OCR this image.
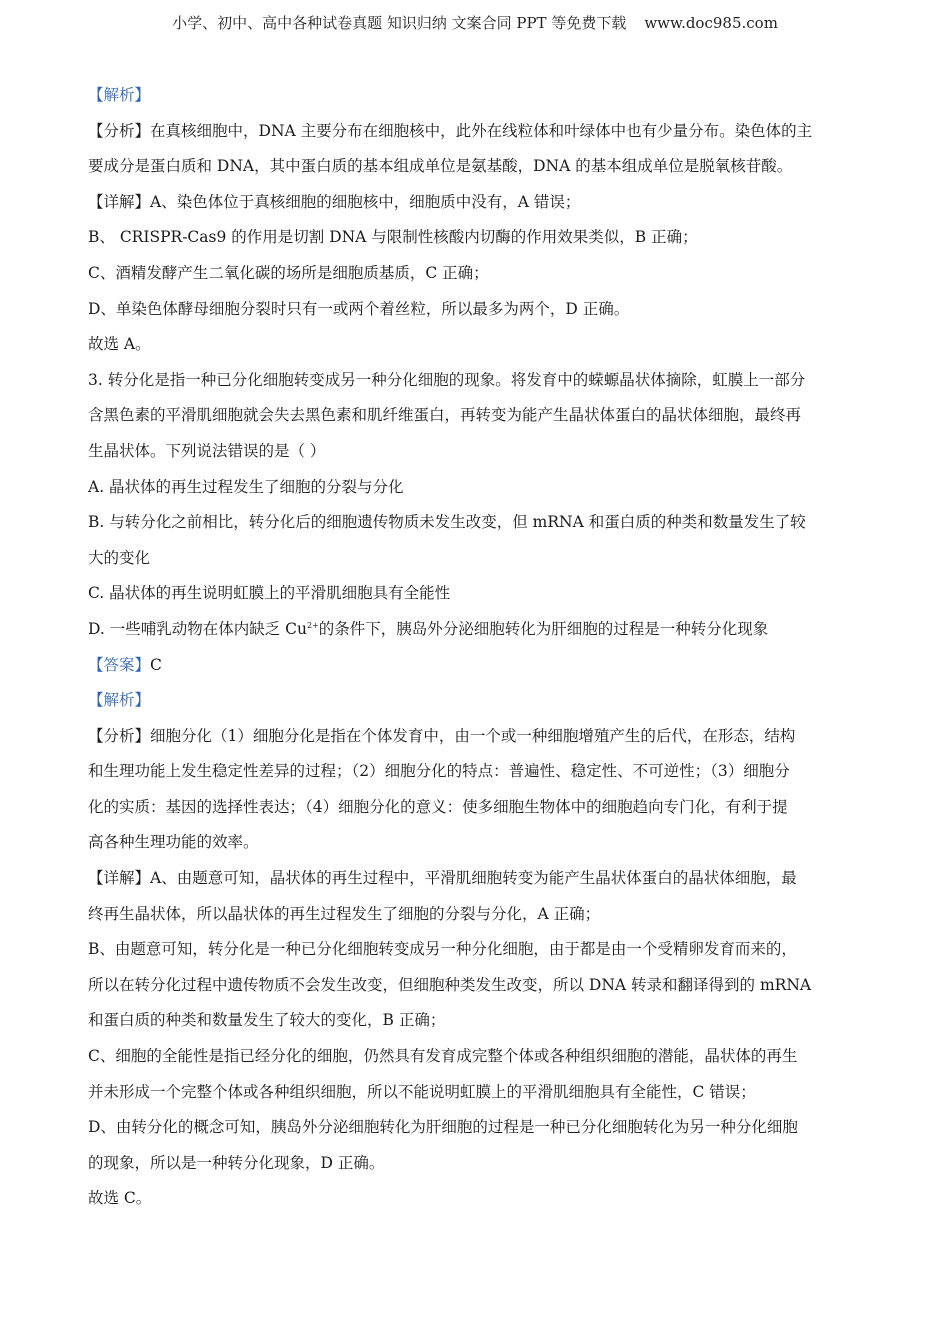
小学、初中、高中各种试卷真题 知识归纳 文案合同 PPT 等免费下载 www.doc985.com
【解析】
【分析】在真核细胞中，DNA 主要分布在细胞核中，此外在线粒体和叶绿体中也有少量分布。染色体的主
要成分是蛋白质和 DNA，其中蛋白质的基本组成单位是氨基酸，DNA 的基本组成单位是脱氧核苷酸。
【详解】A、染色体位于真核细胞的细胞核中，细胞质中没有，A 错误；
B、 CRISPR-Cas9 的作用是切割 DNA 与限制性核酸内切酶的作用效果类似，B 正确；
C、酒精发酵产生二氧化碳的场所是细胞质基质，C 正确；
D、单染色体酵母细胞分裂时只有一或两个着丝粒，所以最多为两个，D 正确。
故选 A。
3. 转分化是指一种已分化细胞转变成另一种分化细胞的现象。将发育中的蝾螈晶状体摘除，虹膜上一部分
含黑色素的平滑肌细胞就会失去黑色素和肌纤维蛋白，再转变为能产生晶状体蛋白的晶状体细胞，最终再
生晶状体。下列说法错误的是（ ）
A. 晶状体的再生过程发生了细胞的分裂与分化
B. 与转分化之前相比，转分化后的细胞遗传物质未发生改变，但 mRNA 和蛋白质的种类和数量发生了较
大的变化
C. 晶状体的再生说明虹膜上的平滑肌细胞具有全能性
D. 一些哺乳动物在体内缺乏 $Cu^{2+}$的条件下，胰岛外分泌细胞转化为肝细胞的过程是一种转分化现象
【答案】C
【解析】
【分析】细胞分化（1）细胞分化是指在个体发育中，由一个或一种细胞增殖产生的后代，在形态，结构
和生理功能上发生稳定性差异的过程；（2）细胞分化的特点：普遍性、稳定性、不可逆性；（3）细胞分
化的实质：基因的选择性表达；（4）细胞分化的意义：使多细胞生物体中的细胞趋向专门化，有利于提
高各种生理功能的效率。
【详解】A、由题意可知，晶状体的再生过程中，平滑肌细胞转变为能产生晶状体蛋白的晶状体细胞，最
终再生晶状体，所以晶状体的再生过程发生了细胞的分裂与分化，A 正确；
B、由题意可知，转分化是一种已分化细胞转变成另一种分化细胞，由于都是由一个受精卵发育而来的，
所以在转分化过程中遗传物质不会发生改变，但细胞种类发生改变，所以 DNA 转录和翻译得到的 mRNA
和蛋白质的种类和数量发生了较大的变化，B 正确；
C、细胞的全能性是指已经分化的细胞，仍然具有发育成完整个体或各种组织细胞的潜能，晶状体的再生
并未形成一个完整个体或各种组织细胞，所以不能说明虹膜上的平滑肌细胞具有全能性，C 错误；
D、由转分化的概念可知，胰岛外分泌细胞转化为肝细胞的过程是一种已分化细胞转化为另一种分化细胞
的现象，所以是一种转分化现象，D 正确。
故选 C。
